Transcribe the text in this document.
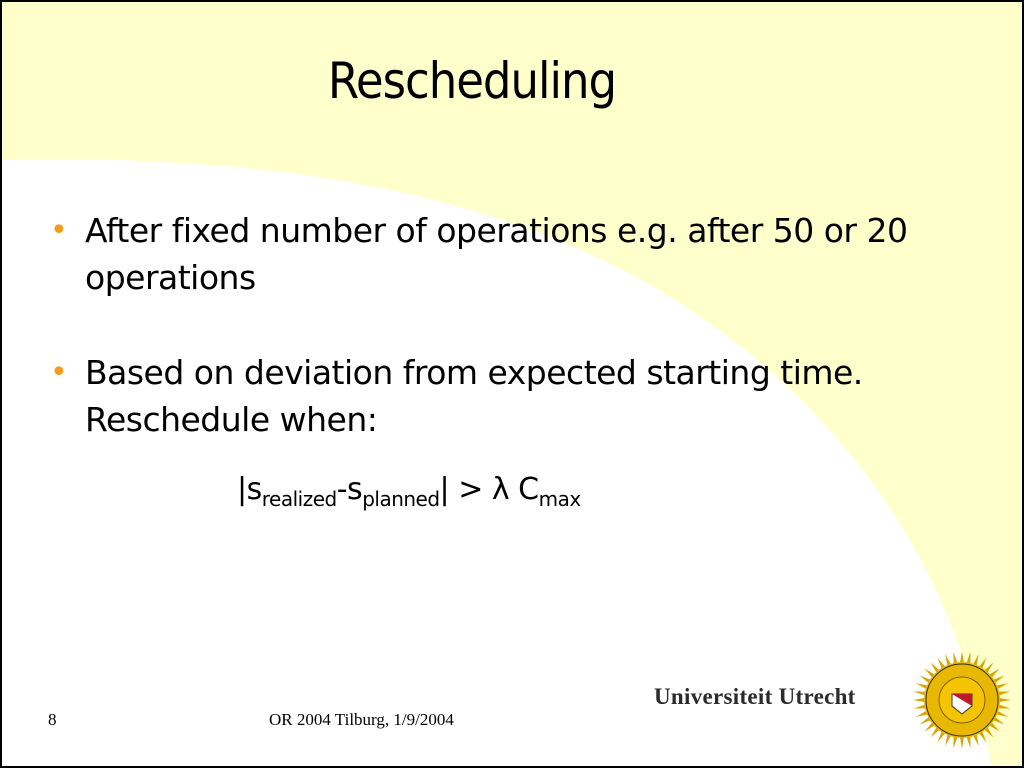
Rescheduling
• After fixed number of operations e.g. after 50 or 20 operations
• Based on deviation from expected starting time. Reschedule when:
$|s_{realized}-s_{planned}| > \lambda$ $C_{max}$
8	OR 2004 Tilburg, 1/9/2004
Universiteit Utrecht
